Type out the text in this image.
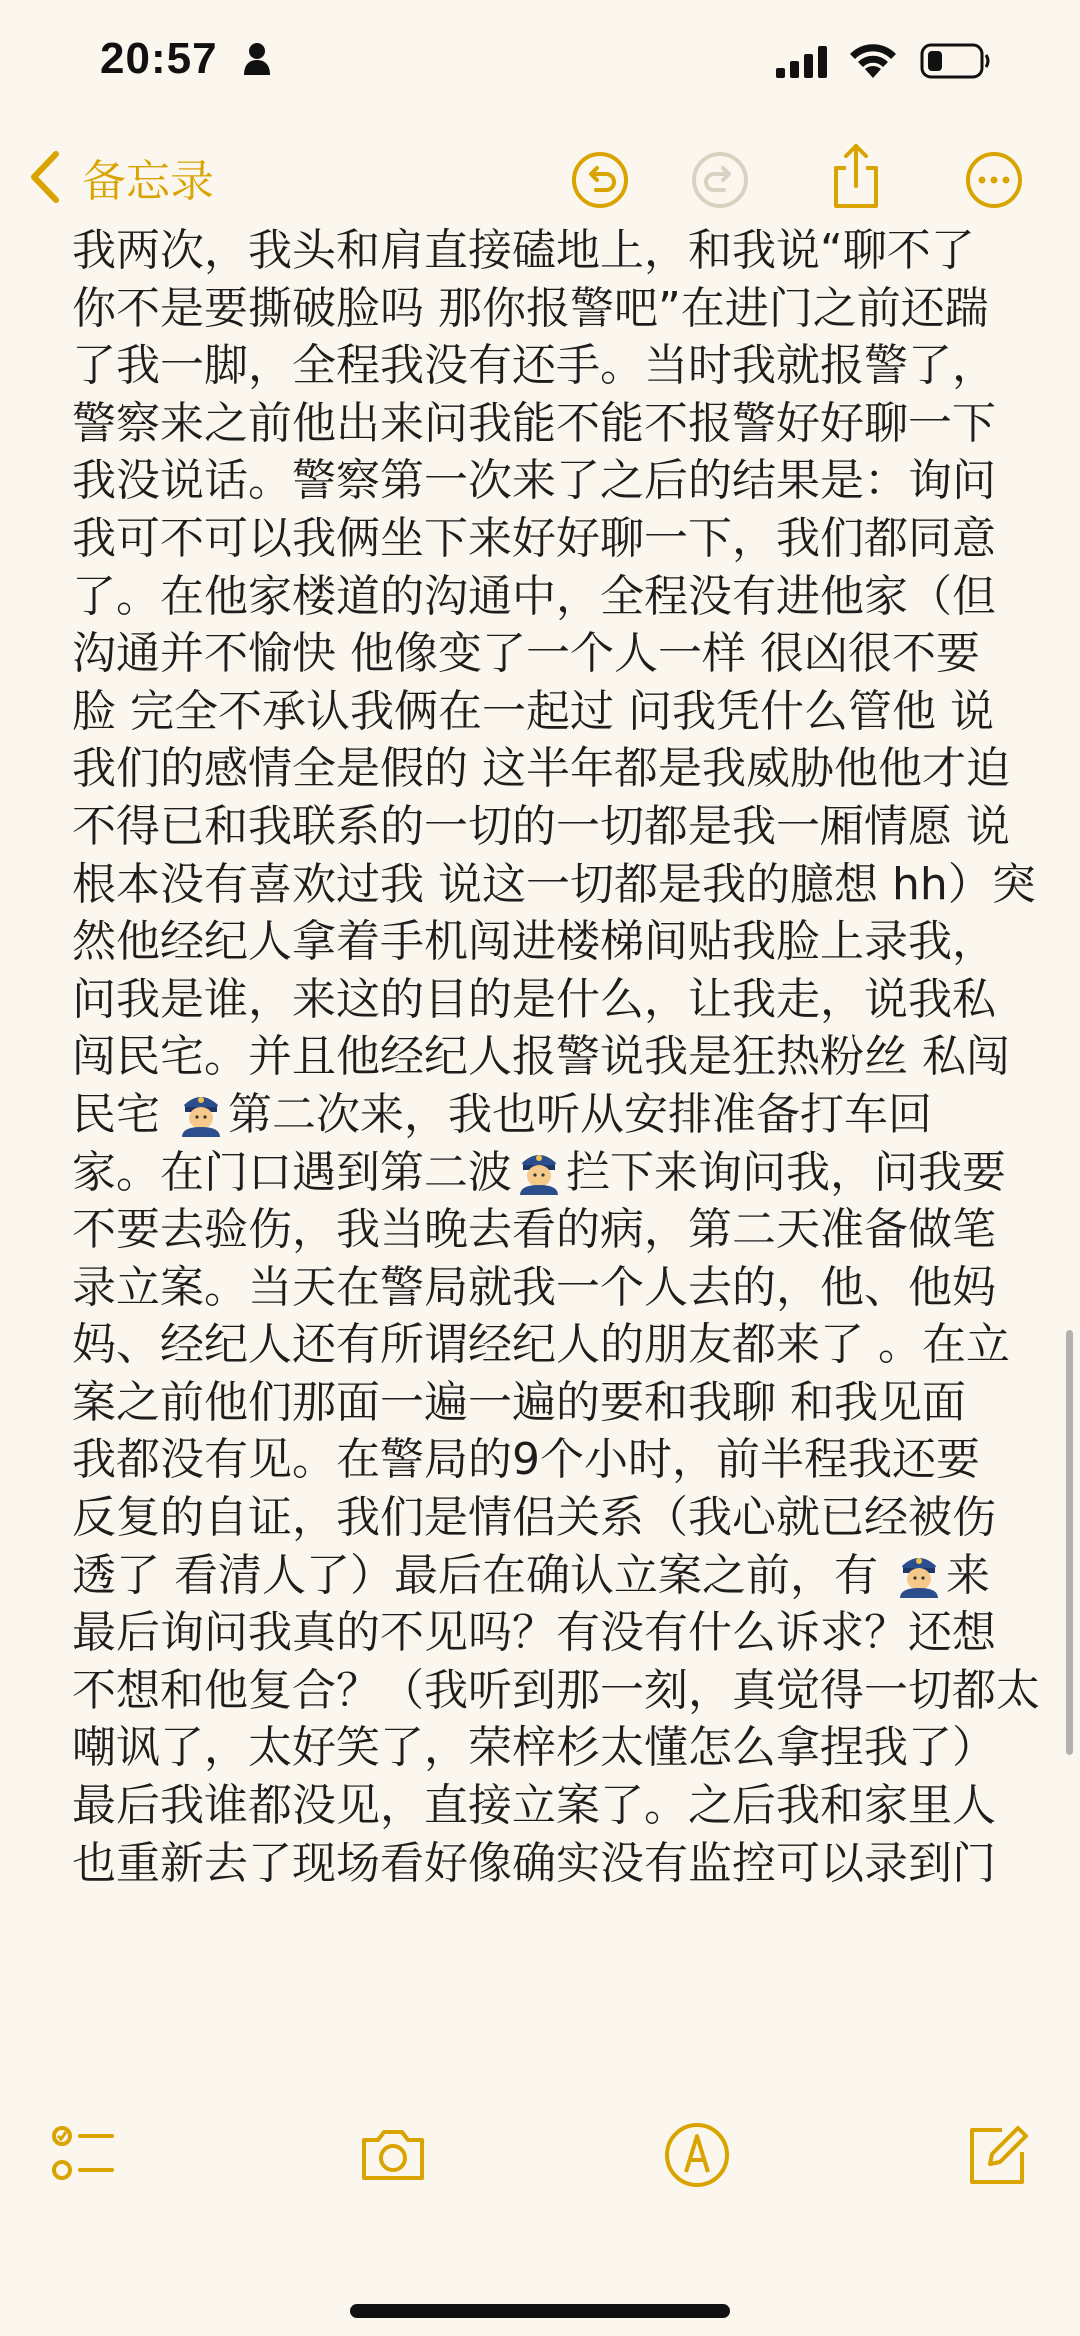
20:57
备忘录
我两次，我头和肩直接磕地上，和我说“聊不了
你不是要撕破脸吗 那你报警吧”在进门之前还踹
了我一脚，全程我没有还手。当时我就报警了，
警察来之前他出来问我能不能不报警好好聊一下
我没说话。警察第一次来了之后的结果是：询问
我可不可以我俩坐下来好好聊一下，我们都同意
了。在他家楼道的沟通中，全程没有进他家（但
沟通并不愉快 他像变了一个人一样 很凶很不要
脸 完全不承认我俩在一起过 问我凭什么管他 说
我们的感情全是假的 这半年都是我威胁他他才迫
不得已和我联系的一切的一切都是我一厢情愿 说
根本没有喜欢过我 说这一切都是我的臆想 hh）突
然他经纪人拿着手机闯进楼梯间贴我脸上录我，
问我是谁，来这的目的是什么，让我走，说我私
闯民宅。并且他经纪人报警说我是狂热粉丝 私闯
民宅 第二次来，我也听从安排准备打车回
家。在门口遇到第二波 拦下来询问我，问我要
不要去验伤，我当晚去看的病，第二天准备做笔
录立案。当天在警局就我一个人去的，他、他妈
妈、经纪人还有所谓经纪人的朋友都来了 。在立
案之前他们那面一遍一遍的要和我聊 和我见面
我都没有见。在警局的9个小时，前半程我还要
反复的自证，我们是情侣关系（我心就已经被伤
透了 看清人了）最后在确认立案之前，有 来
最后询问我真的不见吗？有没有什么诉求？还想
不想和他复合？（我听到那一刻，真觉得一切都太
嘲讽了，太好笑了，荣梓杉太懂怎么拿捏我了）
最后我谁都没见，直接立案了。之后我和家里人
也重新去了现场看好像确实没有监控可以录到门
